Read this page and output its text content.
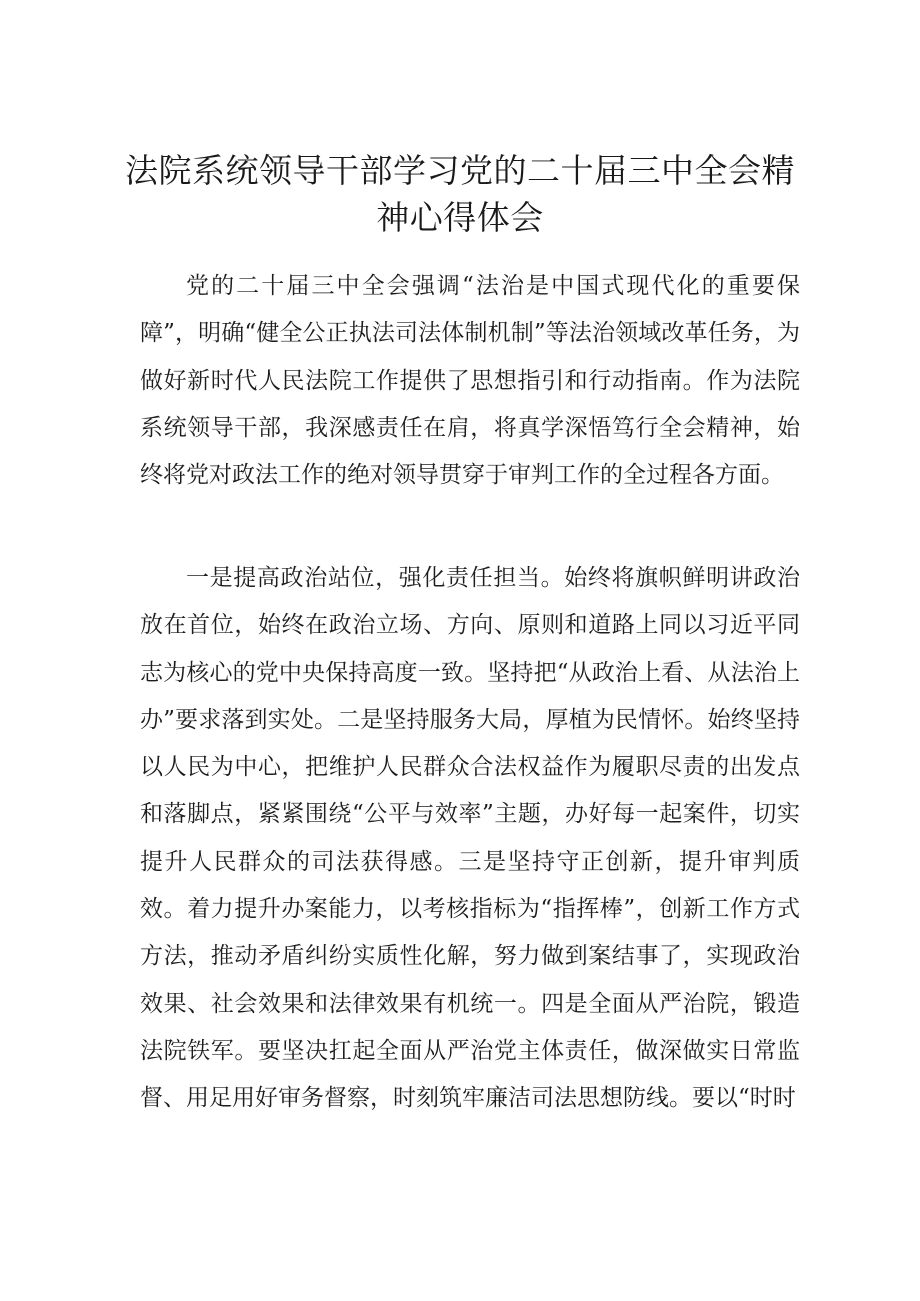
法院系统领导干部学习党的二十届三中全会精
神心得体会

党的二十届三中全会强调“法治是中国式现代化的重要保障”，明确“健全公正执法司法体制机制”等法治领域改革任务，为做好新时代人民法院工作提供了思想指引和行动指南。作为法院系统领导干部，我深感责任在肩，将真学深悟笃行全会精神，始终将党对政法工作的绝对领导贯穿于审判工作的全过程各方面。

一是提高政治站位，强化责任担当。始终将旗帜鲜明讲政治放在首位，始终在政治立场、方向、原则和道路上同以习近平同志为核心的党中央保持高度一致。坚持把“从政治上看、从法治上办”要求落到实处。二是坚持服务大局，厚植为民情怀。始终坚持以人民为中心，把维护人民群众合法权益作为履职尽责的出发点和落脚点，紧紧围绕“公平与效率”主题，办好每一起案件，切实提升人民群众的司法获得感。三是坚持守正创新，提升审判质效。着力提升办案能力，以考核指标为“指挥棒”，创新工作方式方法，推动矛盾纠纷实质性化解，努力做到案结事了，实现政治效果、社会效果和法律效果有机统一。四是全面从严治院，锻造法院铁军。要坚决扛起全面从严治党主体责任，做深做实日常监督、用足用好审务督察，时刻筑牢廉洁司法思想防线。要以“时时
